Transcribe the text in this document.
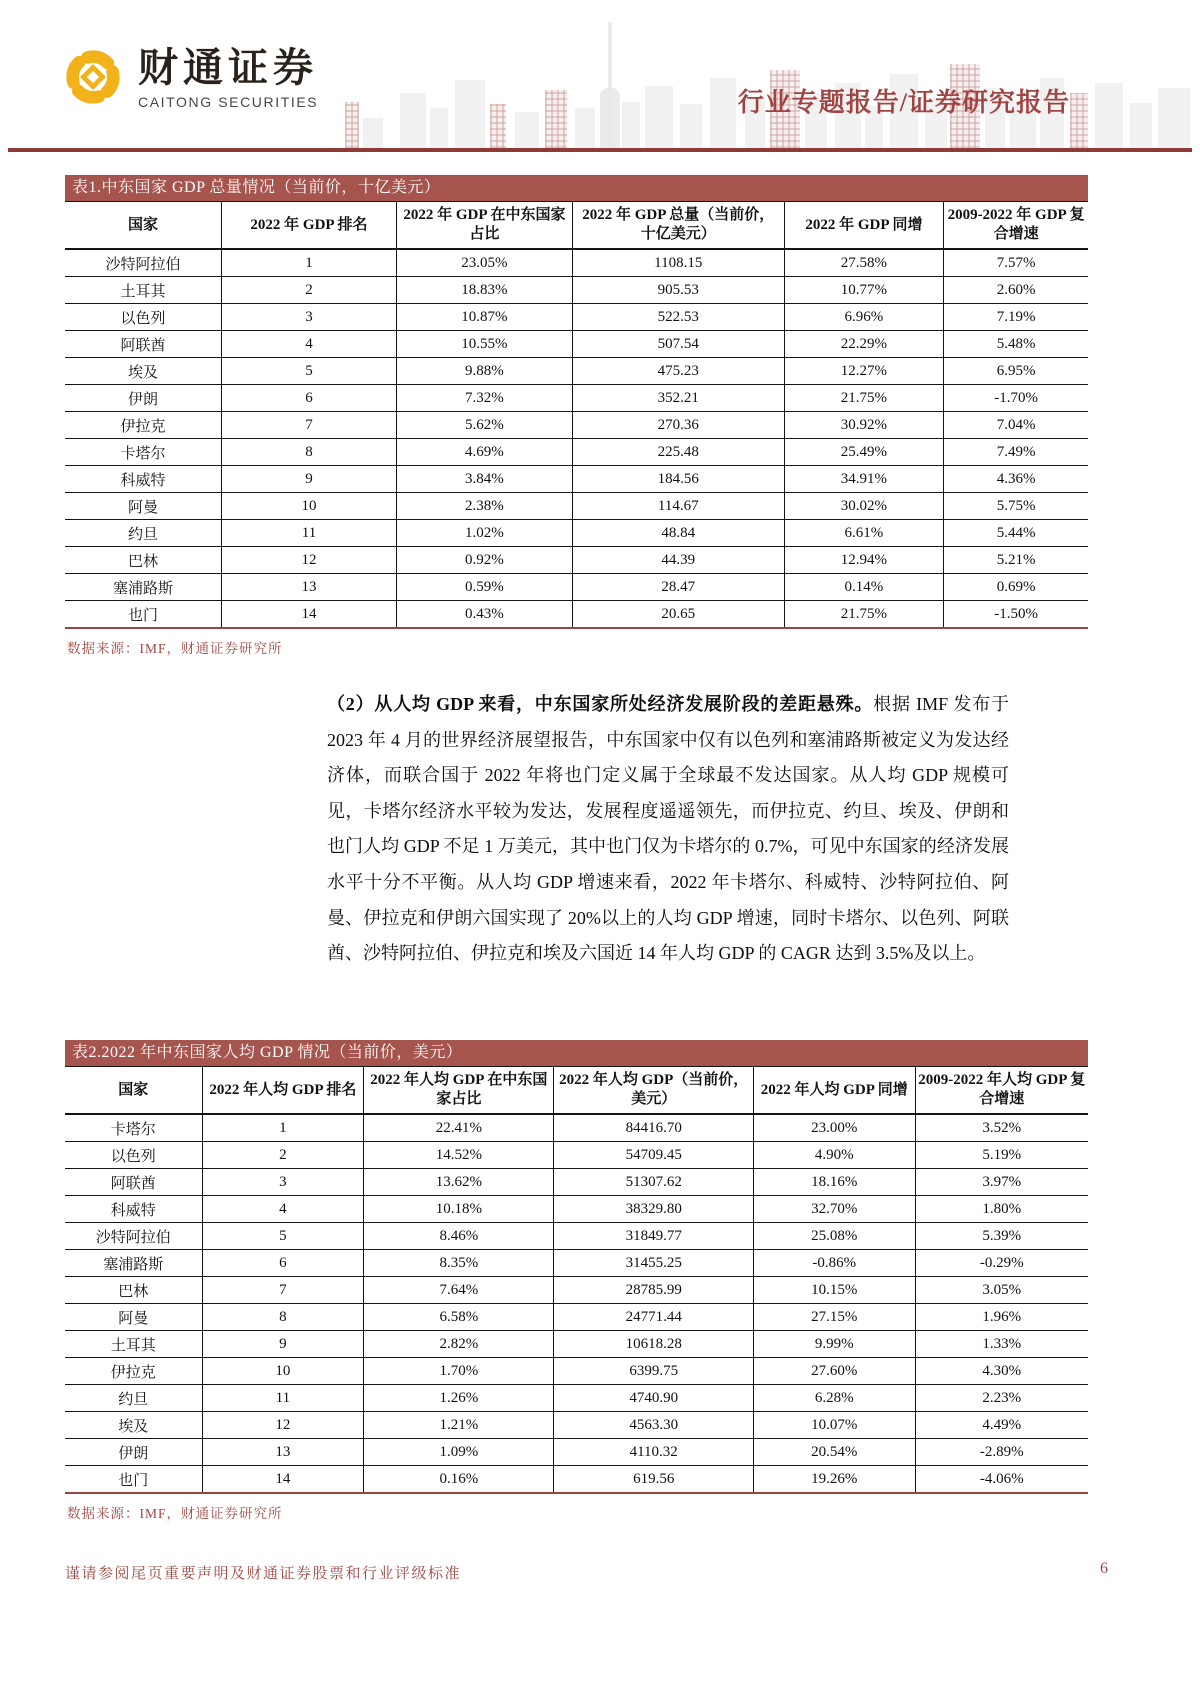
财通证券
CAITONG SECURITIES	行业专题报告/证券研究报告
表1.中东国家 GDP 总量情况（当前价，十亿美元）
国家	2022 年 GDP 排名	2022 年 GDP 在中东国家占比	2022 年 GDP 总量（当前价，十亿美元）	2022 年 GDP 同增	2009-2022 年 GDP 复合增速
沙特阿拉伯	1	23.05%	1108.15	27.58%	7.57%
土耳其	2	18.83%	905.53	10.77%	2.60%
以色列	3	10.87%	522.53	6.96%	7.19%
阿联酋	4	10.55%	507.54	22.29%	5.48%
埃及	5	9.88%	475.23	12.27%	6.95%
伊朗	6	7.32%	352.21	21.75%	-1.70%
伊拉克	7	5.62%	270.36	30.92%	7.04%
卡塔尔	8	4.69%	225.48	25.49%	7.49%
科威特	9	3.84%	184.56	34.91%	4.36%
阿曼	10	2.38%	114.67	30.02%	5.75%
约旦	11	1.02%	48.84	6.61%	5.44%
巴林	12	0.92%	44.39	12.94%	5.21%
塞浦路斯	13	0.59%	28.47	0.14%	0.69%
也门	14	0.43%	20.65	21.75%	-1.50%
数据来源：IMF，财通证券研究所
（2）从人均 GDP 来看，中东国家所处经济发展阶段的差距悬殊。根据 IMF 发布于 2023 年 4 月的世界经济展望报告，中东国家中仅有以色列和塞浦路斯被定义为发达经济体，而联合国于 2022 年将也门定义属于全球最不发达国家。从人均 GDP 规模可见，卡塔尔经济水平较为发达，发展程度遥遥领先，而伊拉克、约旦、埃及、伊朗和也门人均 GDP 不足 1 万美元，其中也门仅为卡塔尔的 0.7%，可见中东国家的经济发展水平十分不平衡。从人均 GDP 增速来看，2022 年卡塔尔、科威特、沙特阿拉伯、阿曼、伊拉克和伊朗六国实现了 20%以上的人均 GDP 增速，同时卡塔尔、以色列、阿联酋、沙特阿拉伯、伊拉克和埃及六国近 14 年人均 GDP 的 CAGR 达到 3.5%及以上。
表2.2022 年中东国家人均 GDP 情况（当前价，美元）
国家	2022 年人均 GDP 排名	2022 年人均 GDP 在中东国家占比	2022 年人均 GDP（当前价，美元）	2022 年人均 GDP 同增	2009-2022 年人均 GDP 复合增速
卡塔尔	1	22.41%	84416.70	23.00%	3.52%
以色列	2	14.52%	54709.45	4.90%	5.19%
阿联酋	3	13.62%	51307.62	18.16%	3.97%
科威特	4	10.18%	38329.80	32.70%	1.80%
沙特阿拉伯	5	8.46%	31849.77	25.08%	5.39%
塞浦路斯	6	8.35%	31455.25	-0.86%	-0.29%
巴林	7	7.64%	28785.99	10.15%	3.05%
阿曼	8	6.58%	24771.44	27.15%	1.96%
土耳其	9	2.82%	10618.28	9.99%	1.33%
伊拉克	10	1.70%	6399.75	27.60%	4.30%
约旦	11	1.26%	4740.90	6.28%	2.23%
埃及	12	1.21%	4563.30	10.07%	4.49%
伊朗	13	1.09%	4110.32	20.54%	-2.89%
也门	14	0.16%	619.56	19.26%	-4.06%
数据来源：IMF，财通证券研究所
谨请参阅尾页重要声明及财通证券股票和行业评级标准	6
